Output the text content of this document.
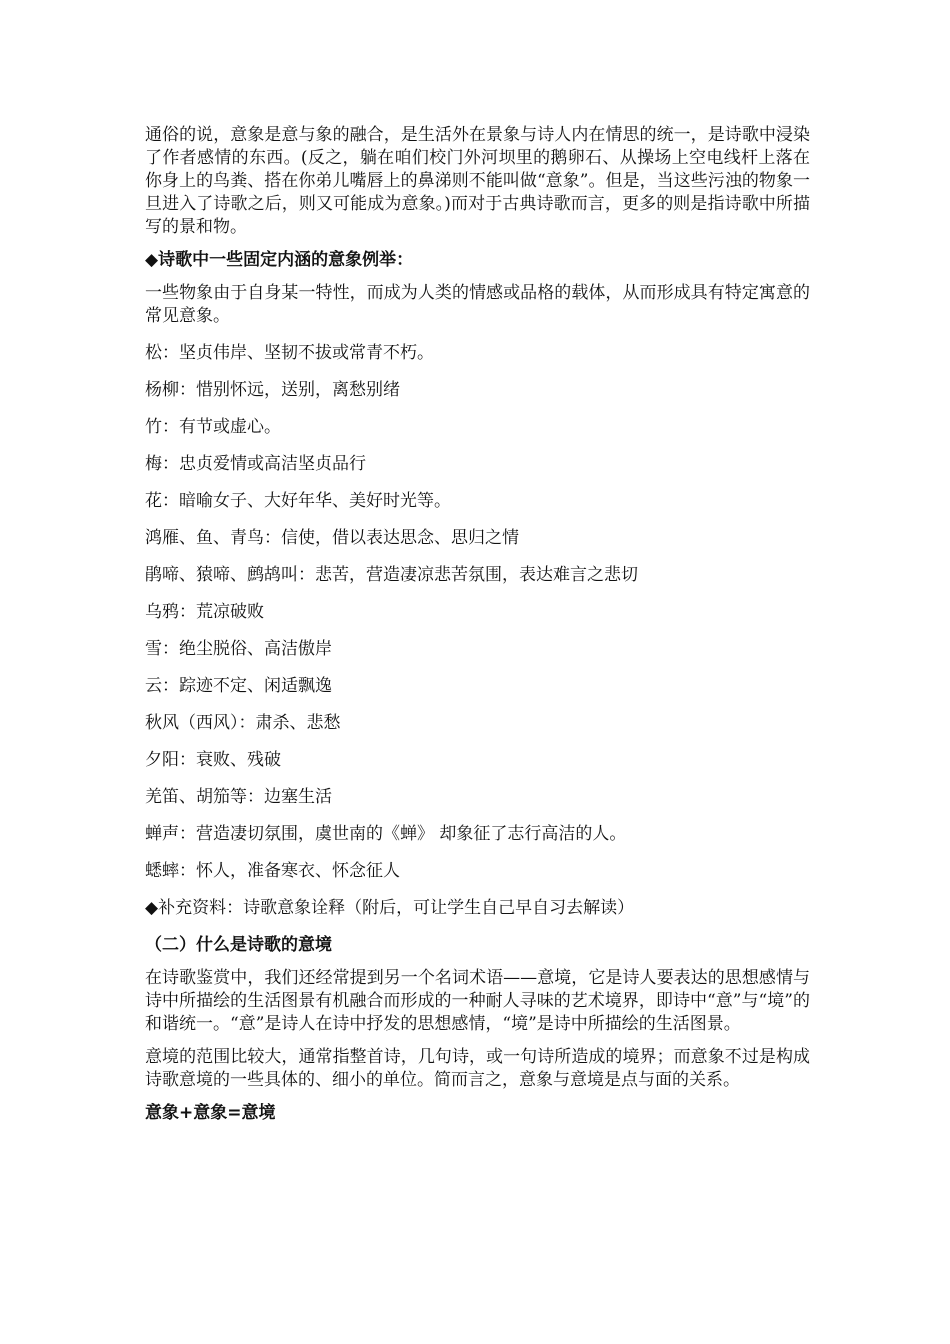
通俗的说，意象是意与象的融合，是生活外在景象与诗人内在情思的统一，是诗歌中浸染了作者感情的东西。(反之，躺在咱们校门外河坝里的鹅卵石、从操场上空电线杆上落在你身上的鸟粪、搭在你弟儿嘴唇上的鼻涕则不能叫做“意象”。但是，当这些污浊的物象一旦进入了诗歌之后，则又可能成为意象。)而对于古典诗歌而言，更多的则是指诗歌中所描写的景和物。

◆诗歌中一些固定内涵的意象例举：

一些物象由于自身某一特性，而成为人类的情感或品格的载体，从而形成具有特定寓意的常见意象。

松：坚贞伟岸、坚韧不拔或常青不朽。
杨柳：惜别怀远，送别，离愁别绪
竹：有节或虚心。
梅：忠贞爱情或高洁坚贞品行
花：暗喻女子、大好年华、美好时光等。
鸿雁、鱼、青鸟：信使，借以表达思念、思归之情
鹃啼、猿啼、鹧鸪叫：悲苦，营造凄凉悲苦氛围，表达难言之悲切
乌鸦：荒凉破败
雪：绝尘脱俗、高洁傲岸
云：踪迹不定、闲适飘逸
秋风（西风）：肃杀、悲愁
夕阳：衰败、残破
羌笛、胡笳等：边塞生活
蝉声：营造凄切氛围，虞世南的《蝉》 却象征了志行高洁的人。
蟋蟀：怀人，准备寒衣、怀念征人
◆补充资料：诗歌意象诠释（附后，可让学生自己早自习去解读）
（二）什么是诗歌的意境

在诗歌鉴赏中，我们还经常提到另一个名词术语——意境，它是诗人要表达的思想感情与诗中所描绘的生活图景有机融合而形成的一种耐人寻味的艺术境界，即诗中“意”与“境”的和谐统一。“意”是诗人在诗中抒发的思想感情，“境”是诗中所描绘的生活图景。

意境的范围比较大，通常指整首诗，几句诗，或一句诗所造成的境界；而意象不过是构成诗歌意境的一些具体的、细小的单位。简而言之，意象与意境是点与面的关系。

意象+意象=意境
